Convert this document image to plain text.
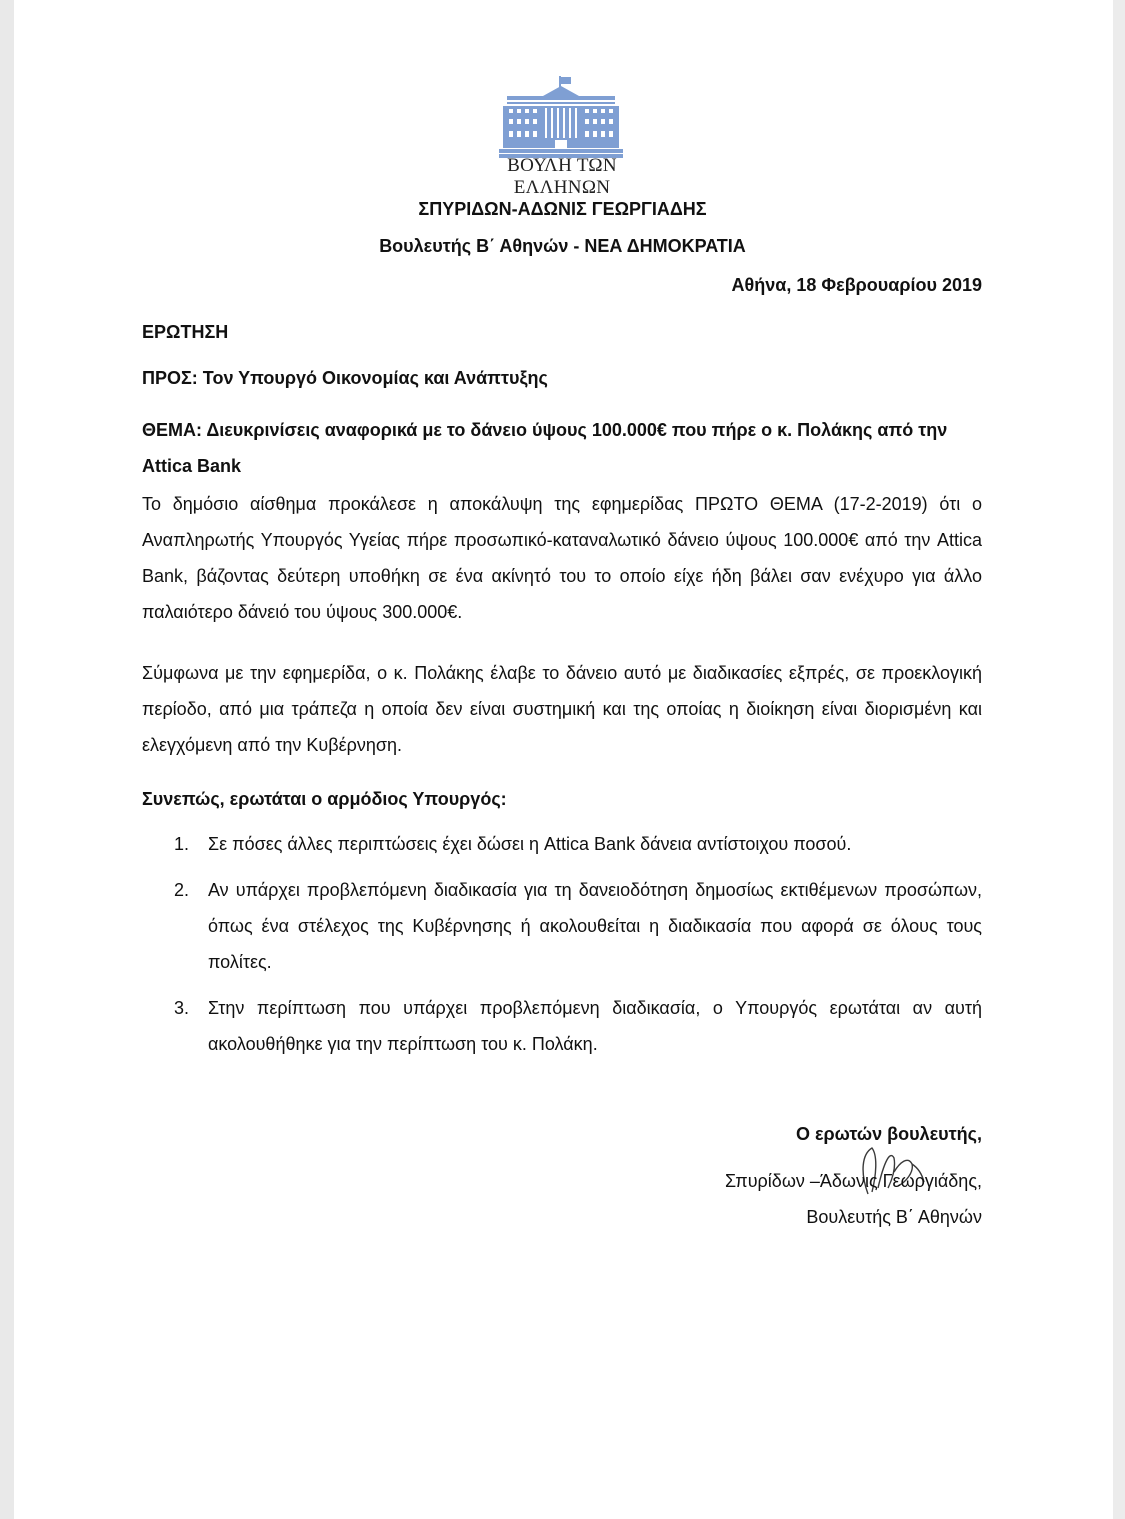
ΒΟΥΛΗ ΤΩΝ ΕΛΛΗΝΩΝ
ΣΠΥΡΙΔΩΝ-ΑΔΩΝΙΣ ΓΕΩΡΓΙΑΔΗΣ
Βουλευτής Β΄ Αθηνών - ΝΕΑ ΔΗΜΟΚΡΑΤΙΑ
Αθήνα, 18 Φεβρουαρίου 2019
ΕΡΩΤΗΣΗ
ΠΡΟΣ: Τον Υπουργό Οικονομίας και Ανάπτυξης
ΘΕΜΑ: Διευκρινίσεις αναφορικά με το δάνειο ύψους 100.000€ που πήρε ο κ. Πολάκης από την Attica Bank
Το δημόσιο αίσθημα προκάλεσε η αποκάλυψη της εφημερίδας ΠΡΩΤΟ ΘΕΜΑ (17-2-2019) ότι ο Αναπληρωτής Υπουργός Υγείας πήρε προσωπικό-καταναλωτικό δάνειο ύψους 100.000€ από την Attica Bank, βάζοντας δεύτερη υποθήκη σε ένα ακίνητό του το οποίο είχε ήδη βάλει σαν ενέχυρο για άλλο παλαιότερο δάνειό του ύψους 300.000€.
Σύμφωνα με την εφημερίδα, ο κ. Πολάκης έλαβε το δάνειο αυτό με διαδικασίες εξπρές, σε προεκλογική περίοδο, από μια τράπεζα η οποία δεν είναι συστημική και της οποίας η διοίκηση είναι διορισμένη και ελεγχόμενη από την Κυβέρνηση.
Συνεπώς, ερωτάται ο αρμόδιος Υπουργός:
1. Σε πόσες άλλες περιπτώσεις έχει δώσει η Attica Bank δάνεια αντίστοιχου ποσού.
2. Αν υπάρχει προβλεπόμενη διαδικασία για τη δανειοδότηση δημοσίως εκτιθέμενων προσώπων, όπως ένα στέλεχος της Κυβέρνησης ή ακολουθείται η διαδικασία που αφορά σε όλους τους πολίτες.
3. Στην περίπτωση που υπάρχει προβλεπόμενη διαδικασία, ο Υπουργός ερωτάται αν αυτή ακολουθήθηκε για την περίπτωση του κ. Πολάκη.
Ο ερωτών βουλευτής,
Σπυρίδων –Άδωνις Γεωργιάδης,
Βουλευτής Β΄ Αθηνών
